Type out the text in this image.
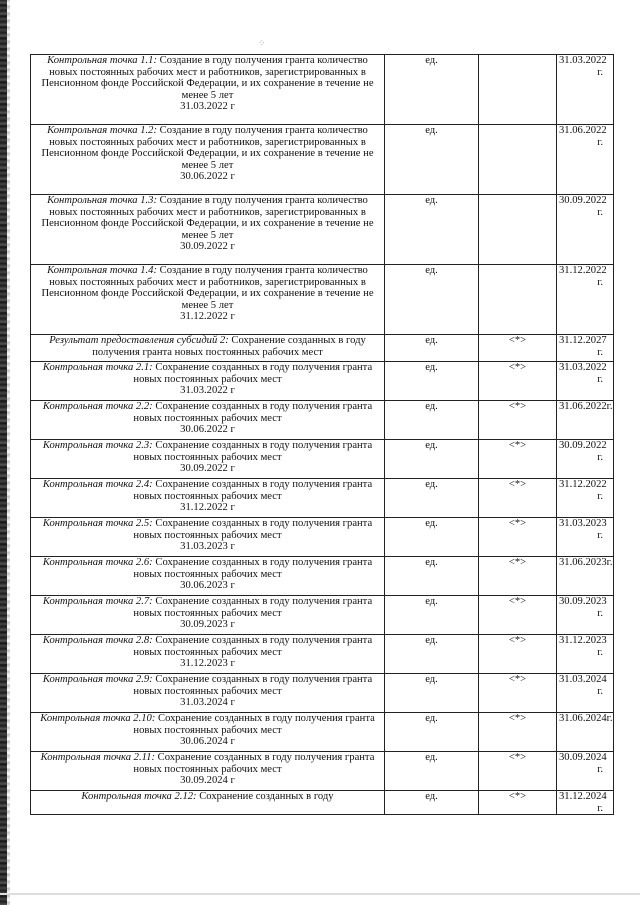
⁘
Контрольная точка 1.1: Создание в году получения гранта количество новых постоянных рабочих мест и работников, зарегистрированных в Пенсионном фонде Российской Федерации, и их сохранение в течение не менее 5 лет
31.03.2022 г	ед.		31.03.2022 г.
Контрольная точка 1.2: Создание в году получения гранта количество новых постоянных рабочих мест и работников, зарегистрированных в Пенсионном фонде Российской Федерации, и их сохранение в течение не менее 5 лет
30.06.2022 г	ед.		31.06.2022 г.
Контрольная точка 1.3: Создание в году получения гранта количество новых постоянных рабочих мест и работников, зарегистрированных в Пенсионном фонде Российской Федерации, и их сохранение в течение не менее 5 лет
30.09.2022 г	ед.		30.09.2022 г.
Контрольная точка 1.4: Создание в году получения гранта количество новых постоянных рабочих мест и работников, зарегистрированных в Пенсионном фонде Российской Федерации, и их сохранение в течение не менее 5 лет
31.12.2022 г	ед.		31.12.2022 г.
Результат предоставления субсидий 2: Сохранение созданных в году получения гранта новых постоянных рабочих мест	ед.	<*>	31.12.2027 г.
Контрольная точка 2.1: Сохранение созданных в году получения гранта новых постоянных рабочих мест
31.03.2022 г	ед.	<*>	31.03.2022 г.
Контрольная точка 2.2: Сохранение созданных в году получения гранта новых постоянных рабочих мест
30.06.2022 г	ед.	<*>	31.06.2022г.
Контрольная точка 2.3: Сохранение созданных в году получения гранта новых постоянных рабочих мест
30.09.2022 г	ед.	<*>	30.09.2022 г.
Контрольная точка 2.4: Сохранение созданных в году получения гранта новых постоянных рабочих мест
31.12.2022 г	ед.	<*>	31.12.2022 г.
Контрольная точка 2.5: Сохранение созданных в году получения гранта новых постоянных рабочих мест
31.03.2023 г	ед.	<*>	31.03.2023 г.
Контрольная точка 2.6: Сохранение созданных в году получения гранта новых постоянных рабочих мест
30.06.2023 г	ед.	<*>	31.06.2023г.
Контрольная точка 2.7: Сохранение созданных в году получения гранта новых постоянных рабочих мест
30.09.2023 г	ед.	<*>	30.09.2023 г.
Контрольная точка 2.8: Сохранение созданных в году получения гранта новых постоянных рабочих мест
31.12.2023 г	ед.	<*>	31.12.2023 г.
Контрольная точка 2.9: Сохранение созданных в году получения гранта новых постоянных рабочих мест
31.03.2024 г	ед.	<*>	31.03.2024 г.
Контрольная точка 2.10: Сохранение созданных в году получения гранта новых постоянных рабочих мест
30.06.2024 г	ед.	<*>	31.06.2024г.
Контрольная точка 2.11: Сохранение созданных в году получения гранта новых постоянных рабочих мест
30.09.2024 г	ед.	<*>	30.09.2024 г.
Контрольная точка 2.12: Сохранение созданных в году	ед.	<*>	31.12.2024 г.
